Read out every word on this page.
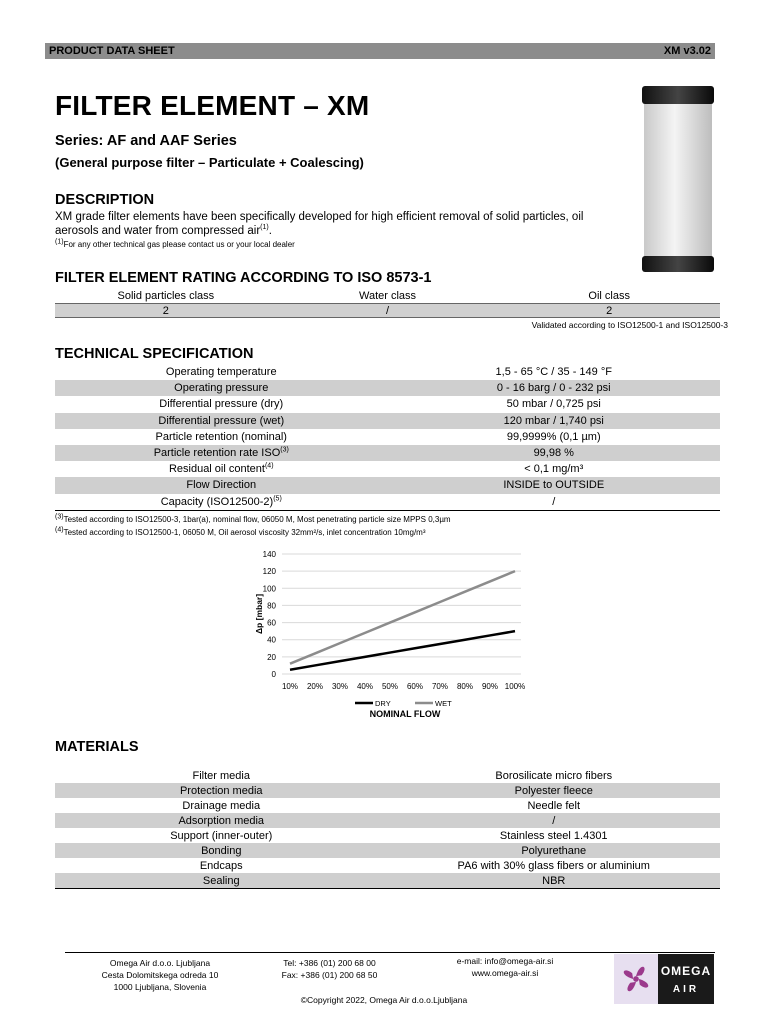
PRODUCT DATA SHEET	XM v3.02
FILTER ELEMENT – XM
Series: AF and AAF Series
(General purpose filter – Particulate + Coalescing)
DESCRIPTION
XM grade filter elements have been specifically developed for high efficient removal of solid particles, oil aerosols and water from compressed air$^{(1)}$.
$^{(1)}$For any other technical gas please contact us or your local dealer
FILTER ELEMENT RATING ACCORDING TO ISO 8573-1
Solid particles class	Water class	Oil class
2	/	2
Validated according to ISO12500-1 and ISO12500-3
TECHNICAL SPECIFICATION
Operating temperature	1,5 - 65 °C / 35 - 149 °F
Operating pressure	0 - 16 barg / 0 - 232 psi
Differential pressure (dry)	50 mbar / 0,725 psi
Differential pressure (wet)	120 mbar / 1,740 psi
Particle retention (nominal)	99,9999% (0,1 µm)
Particle retention rate ISO$^{(3)}$	99,98 %
Residual oil content$^{(4)}$	< 0,1 mg/m³
Flow Direction	INSIDE to OUTSIDE
Capacity $(ISO12500-2)^{(5)}$	/
$^{(3)}$Tested according to ISO12500-3, 1bar(a), nominal flow, 06050 M, Most penetrating particle size MPPS 0,3µm
$^{(4)}$Tested according to ISO12500-1, 06050 M, Oil aerosol viscosity 32mm²/s, inlet concentration 10mg/m³
0
20
40
60
80
100
120
140
10% 20% 30% 40% 50% 60% 70% 80% 90% 100%
Δp [mbar]
DRY	WET
NOMINAL FLOW
MATERIALS
Filter media	Borosilicate micro fibers
Protection media	Polyester fleece
Drainage media	Needle felt
Adsorption media	/
Support (inner-outer)	Stainless steel 1.4301
Bonding	Polyurethane
Endcaps	PA6 with 30% glass fibers or aluminium
Sealing	NBR
Omega Air d.o.o. Ljubljana
Cesta Dolomitskega odreda 10
1000 Ljubljana, Slovenia
Tel: +386 (01) 200 68 00
Fax: +386 (01) 200 68 50
e-mail: info@omega-air.si
www.omega-air.si	OMEGA
AIR
©Copyright 2022, Omega Air d.o.o.Ljubljana
